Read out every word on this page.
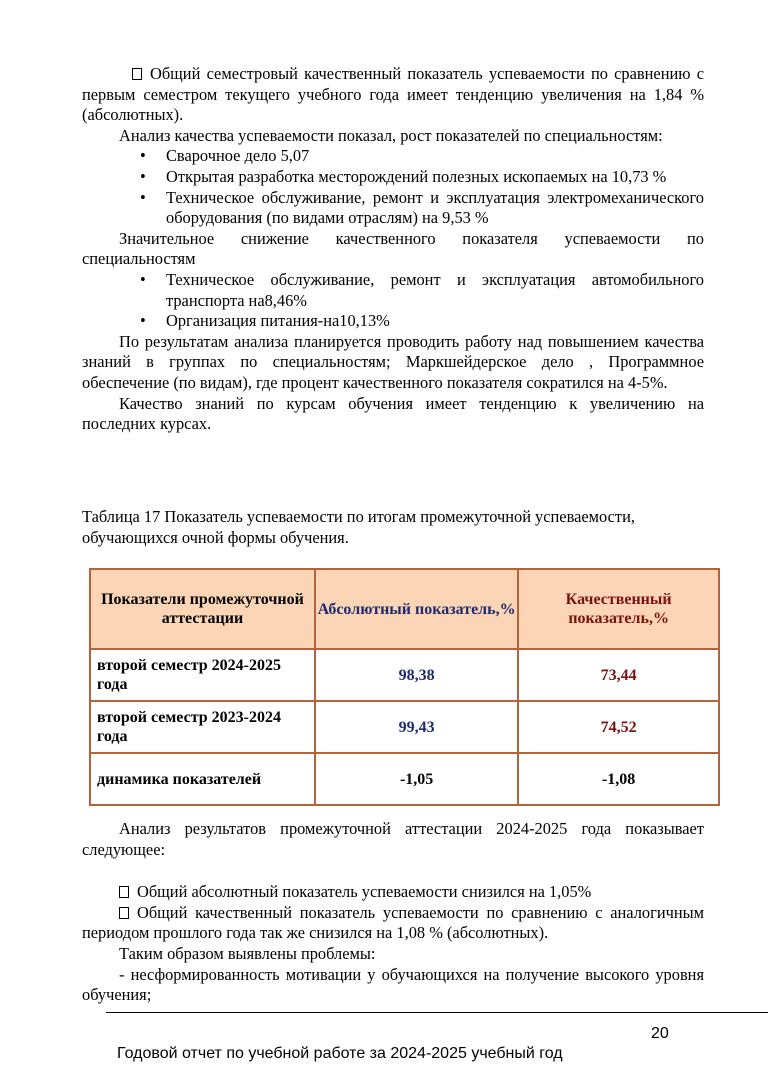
Общий семестровый качественный показатель успеваемости по сравнению с первым семестром текущего учебного года имеет тенденцию увеличения на 1,84 % (абсолютных).

Анализ качества успеваемости показал, рост показателей по специальностям:

• Сварочное дело 5,07
• Открытая разработка месторождений полезных ископаемых на 10,73 %
• Техническое обслуживание, ремонт и эксплуатация электромеханического оборудования (по видами отраслям) на 9,53 %

Значительное снижение качественного показателя успеваемости по специальностям

• Техническое обслуживание, ремонт и эксплуатация автомобильного транспорта на8,46%
• Организация питания-на10,13%

По результатам анализа планируется проводить работу над повышением качества знаний в группах по специальностям; Маркшейдерское дело , Программное обеспечение (по видам), где процент качественного показателя сократился на 4-5%.

Качество знаний по курсам обучения имеет тенденцию к увеличению на последних курсах.

Таблица 17 Показатель успеваемости по итогам промежуточной успеваемости, обучающихся очной формы обучения.
Показатели промежуточной аттестации	Абсолютный показатель,%	Качественный показатель,%
второй семестр 2024-2025 года	98,38	73,44
второй семестр 2023-2024 года	99,43	74,52
динамика показателей	-1,05	-1,08

Анализ результатов промежуточной аттестации 2024-2025 года показывает следующее:

Общий абсолютный показатель успеваемости снизился на 1,05%

Общий качественный показатель успеваемости по сравнению с аналогичным периодом прошлого года так же снизился на 1,08 % (абсолютных).

Таким образом выявлены проблемы:

- несформированность мотивации у обучающихся на получение высокого уровня обучения;

20
Годовой отчет по учебной работе за 2024-2025 учебный год
